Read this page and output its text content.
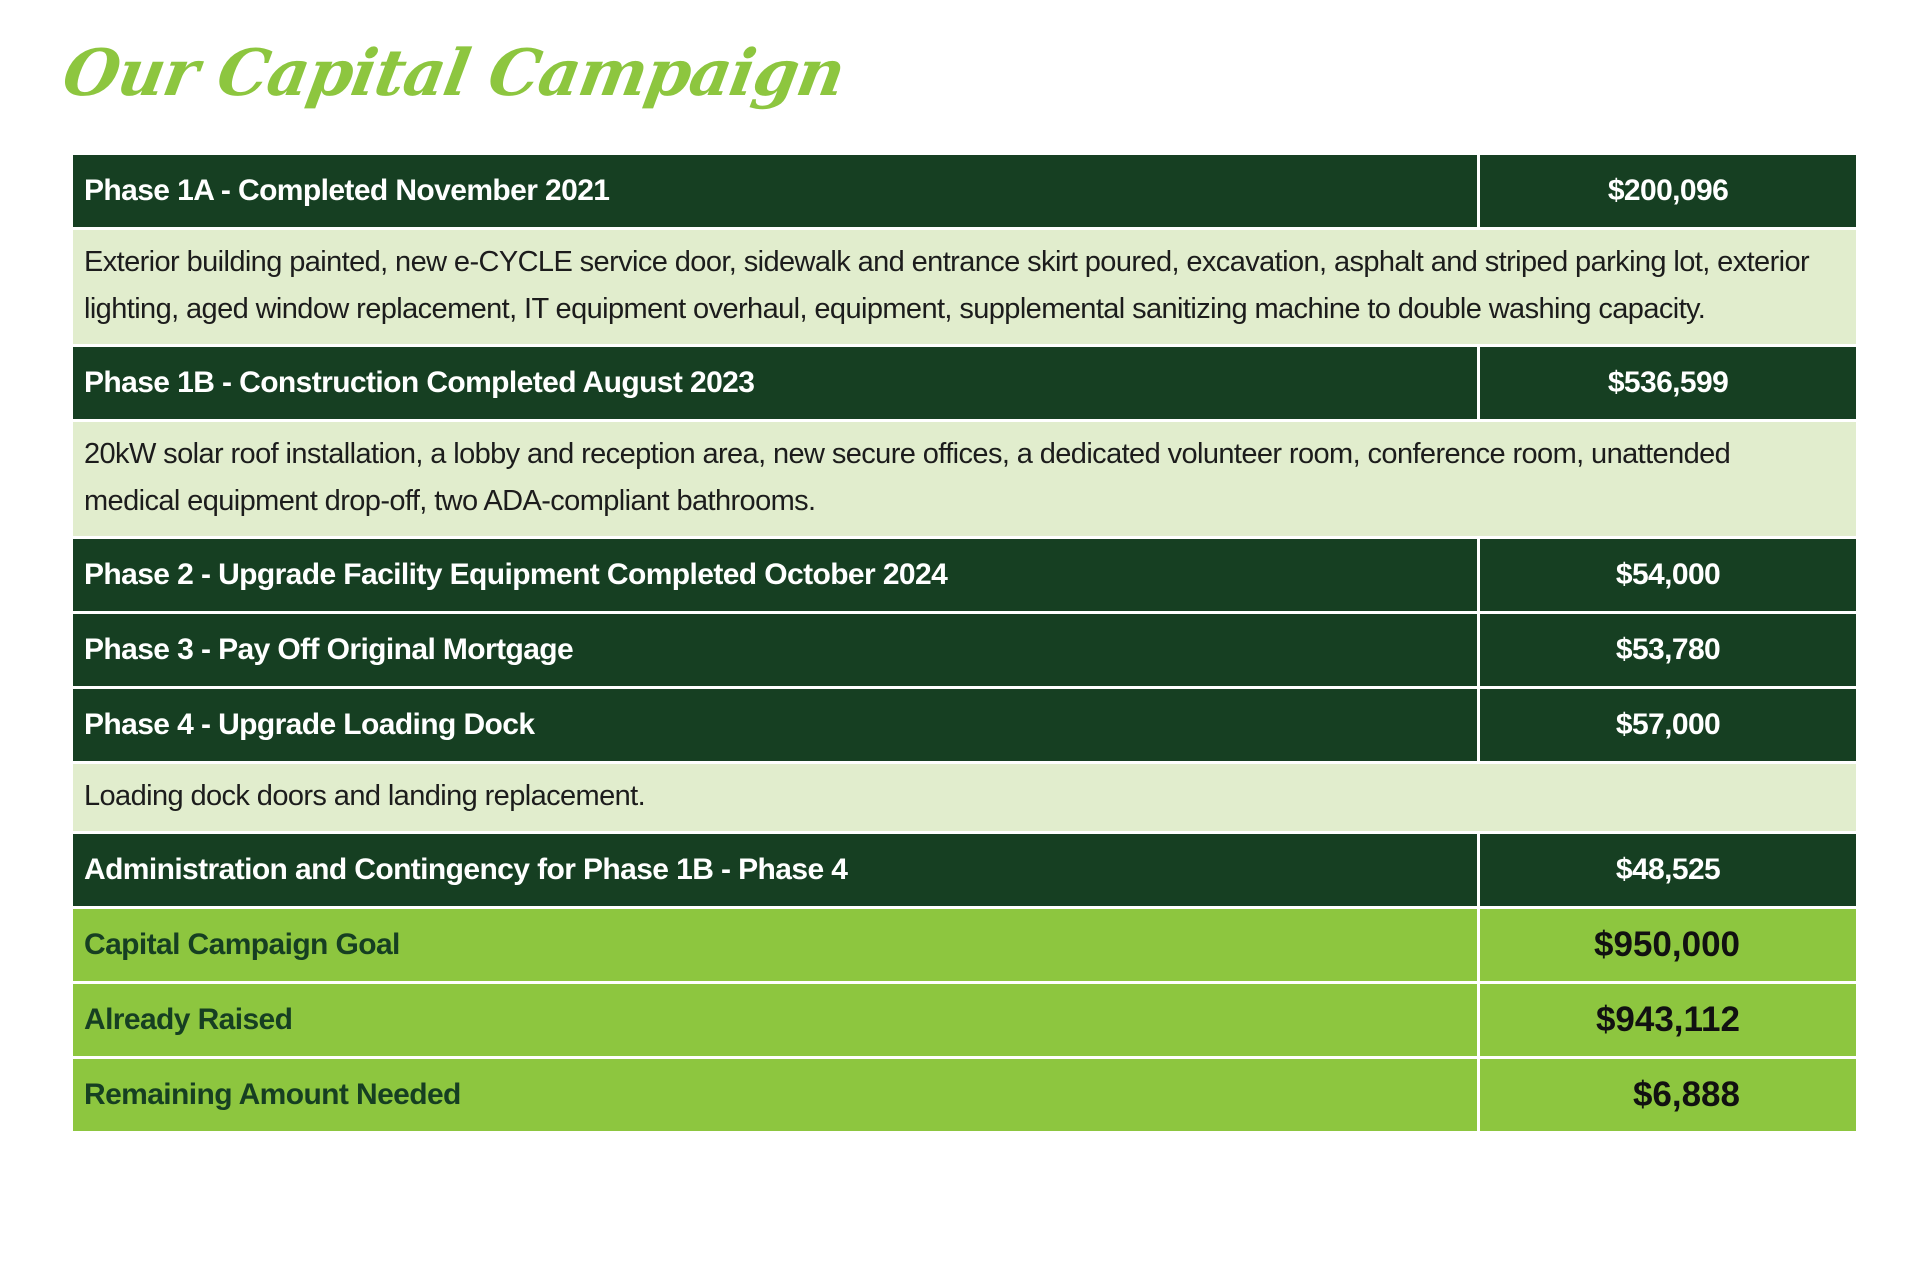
Our Capital Campaign
Phase 1A - Completed November 2021	$200,096
Exterior building painted, new e-CYCLE service door, sidewalk and entrance skirt poured, excavation, asphalt and striped parking lot, exterior lighting, aged window replacement, IT equipment overhaul, equipment, supplemental sanitizing machine to double washing capacity.
Phase 1B - Construction Completed August 2023	$536,599
20kW solar roof installation, a lobby and reception area, new secure offices, a dedicated volunteer room, conference room, unattended medical equipment drop-off, two ADA-compliant bathrooms.
Phase 2 - Upgrade Facility Equipment Completed October 2024	$54,000
Phase 3 - Pay Off Original Mortgage	$53,780
Phase 4 - Upgrade Loading Dock	$57,000
Loading dock doors and landing replacement.
Administration and Contingency for Phase 1B - Phase 4	$48,525
Capital Campaign Goal	$950,000
Already Raised	$943,112
Remaining Amount Needed	$6,888
